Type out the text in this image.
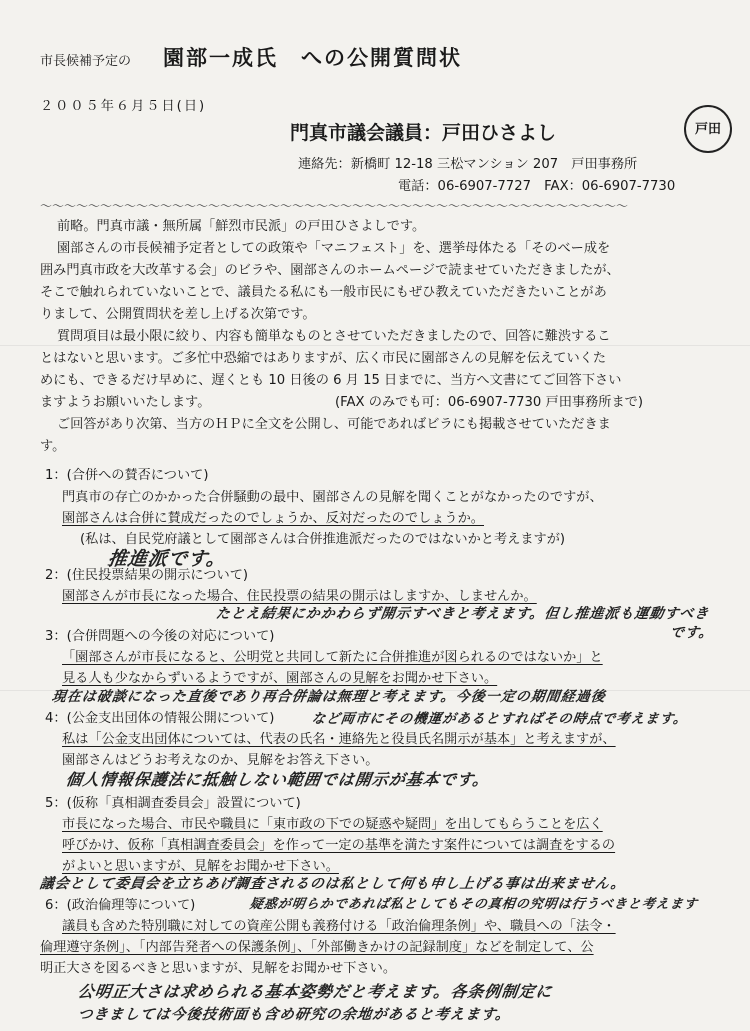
市長候補予定の 園部一成氏　への公開質問状
２００５年６月５日(日)
門真市議会議員：戸田ひさよし	戸田
連絡先：新橋町 12-18 三松マンション 207　戸田事務所
電話：06-6907-7727　FAX：06-6907-7730
～～～～～～～～～～～～～～～～～～～～～～～～～～～～～～～～～～～～～～～～～～～～～～～～～
前略。門真市議・無所属「鮮烈市民派」の戸田ひさよしです。
園部さんの市長候補予定者としての政策や「マニフェスト」を、選挙母体たる「そのべー成を
囲み門真市政を大改革する会」のビラや、園部さんのホームページで読ませていただきましたが、
そこで触れられていないことで、議員たる私にも一般市民にもぜひ教えていただきたいことがあ
りまして、公開質問状を差し上げる次第です。
質問項目は最小限に絞り、内容も簡単なものとさせていただきましたので、回答に難渋するこ
とはないと思います。ご多忙中恐縮ではありますが、広く市民に園部さんの見解を伝えていくた
めにも、できるだけ早めに、遅くとも 10 日後の 6 月 15 日までに、当方へ文書にてご回答下さい
ますようお願いいたします。	(FAX のみでも可：06-6907-7730 戸田事務所まで)
ご回答があり次第、当方のＨＰに全文を公開し、可能であればビラにも掲載させていただきま
す。
1：(合併への賛否について)
門真市の存亡のかかった合併騒動の最中、園部さんの見解を聞くことがなかったのですが、
園部さんは合併に賛成だったのでしょうか、反対だったのでしょうか。
(私は、自民党府議として園部さんは合併推進派だったのではないかと考えますが)
推進派です。
2：(住民投票結果の開示について)
園部さんが市長になった場合、住民投票の結果の開示はしますか、しませんか。
たとえ結果にかかわらず開示すべきと考えます。但し推進派も運動すべき
です。
3：(合併問題への今後の対応について)
「園部さんが市長になると、公明党と共同して新たに合併推進が図られるのではないか」と
見る人も少なからずいるようですが、園部さんの見解をお聞かせ下さい。
現在は破談になった直後であり再合併論は無理と考えます。今後一定の期間経過後
4：(公金支出団体の情報公開について)	など両市にその機運があるとすればその時点で考えます。
私は「公金支出団体については、代表の氏名・連絡先と役員氏名開示が基本」と考えますが、
園部さんはどうお考えなのか、見解をお答え下さい。
個人情報保護法に抵触しない範囲では開示が基本です。
5：(仮称「真相調査委員会」設置について)
市長になった場合、市民や職員に「東市政の下での疑惑や疑問」を出してもらうことを広く
呼びかけ、仮称「真相調査委員会」を作って一定の基準を満たす案件については調査をするの
がよいと思いますが、見解をお聞かせ下さい。
議会として委員会を立ちあげ調査されるのは私として何も申し上げる事は出来ません。
6：(政治倫理等について)	疑惑が明らかであれば私としてもその真相の究明は行うべきと考えます
議員も含めた特別職に対しての資産公開も義務付ける「政治倫理条例」や、職員への「法令・
倫理遵守条例」、「内部告発者への保護条例」、「外部働きかけの記録制度」などを制定して、公
明正大さを図るべきと思いますが、見解をお聞かせ下さい。
公明正大さは求められる基本姿勢だと考えます。各条例制定に
つきましては今後技術面も含め研究の余地があると考えます。
